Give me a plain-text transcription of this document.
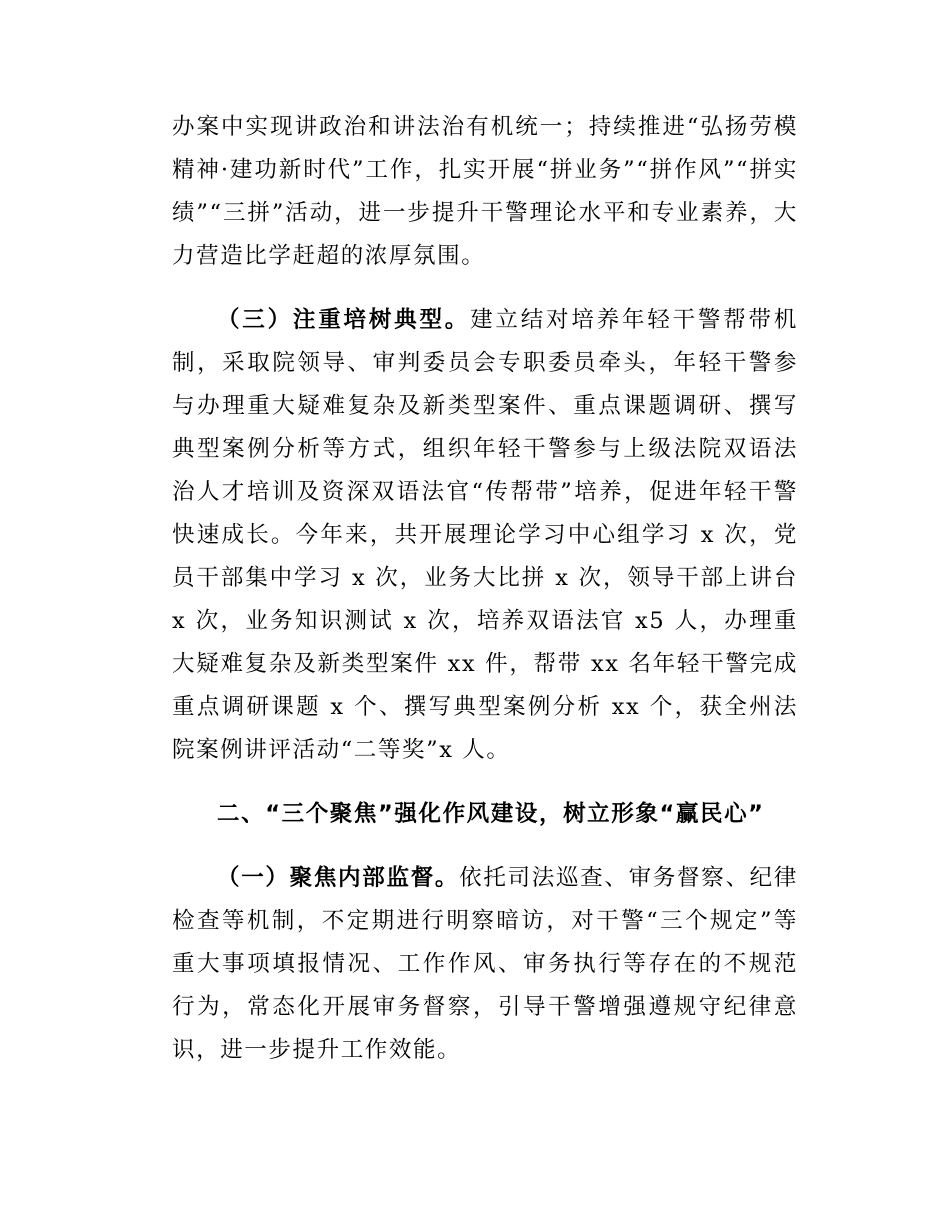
办案中实现讲政治和讲法治有机统一；持续推进“弘扬劳模精神·建功新时代”工作，扎实开展“拼业务”“拼作风”“拼实绩”“三拼”活动，进一步提升干警理论水平和专业素养，大力营造比学赶超的浓厚氛围。

（三）注重培树典型。建立结对培养年轻干警帮带机制，采取院领导、审判委员会专职委员牵头，年轻干警参与办理重大疑难复杂及新类型案件、重点课题调研、撰写典型案例分析等方式，组织年轻干警参与上级法院双语法治人才培训及资深双语法官“传帮带”培养，促进年轻干警快速成长。今年来，共开展理论学习中心组学习 x 次，党员干部集中学习 x 次，业务大比拼 x 次，领导干部上讲台 x 次，业务知识测试 x 次，培养双语法官 x5 人，办理重大疑难复杂及新类型案件 xx 件，帮带 xx 名年轻干警完成重点调研课题 x 个、撰写典型案例分析 xx 个，获全州法院案例讲评活动“二等奖”x 人。

二、“三个聚焦”强化作风建设，树立形象“赢民心”

（一）聚焦内部监督。依托司法巡查、审务督察、纪律检查等机制，不定期进行明察暗访，对干警“三个规定”等重大事项填报情况、工作作风、审务执行等存在的不规范行为，常态化开展审务督察，引导干警增强遵规守纪律意识，进一步提升工作效能。
